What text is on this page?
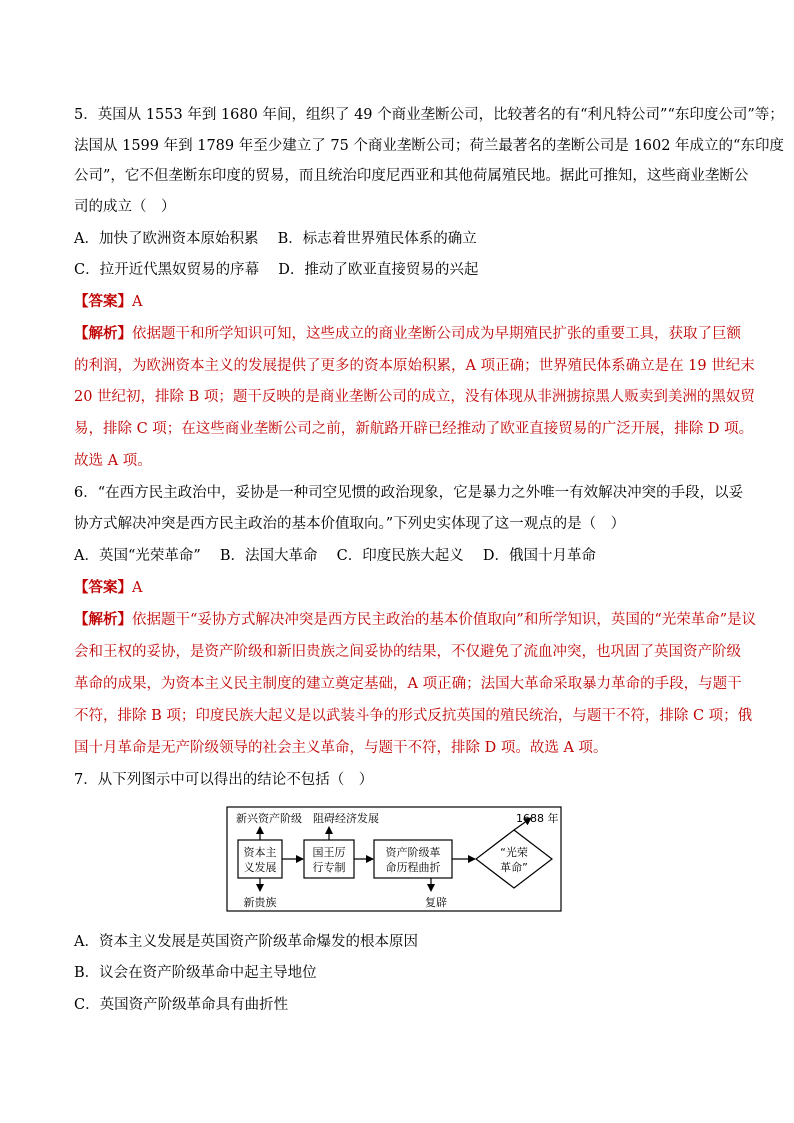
5．英国从 1553 年到 1680 年间，组织了 49 个商业垄断公司，比较著名的有“利凡特公司”“东印度公司”等；
法国从 1599 年到 1789 年至少建立了 75 个商业垄断公司；荷兰最著名的垄断公司是 1602 年成立的“东印度
公司”，它不但垄断东印度的贸易，而且统治印度尼西亚和其他荷属殖民地。据此可推知，这些商业垄断公
司的成立（　）
A．加快了欧洲资本原始积累　 B．标志着世界殖民体系的确立
C．拉开近代黑奴贸易的序幕　 D．推动了欧亚直接贸易的兴起
【答案】A
【解析】依据题干和所学知识可知，这些成立的商业垄断公司成为早期殖民扩张的重要工具，获取了巨额
的利润，为欧洲资本主义的发展提供了更多的资本原始积累，A 项正确；世界殖民体系确立是在 19 世纪末
20 世纪初，排除 B 项；题干反映的是商业垄断公司的成立，没有体现从非洲掳掠黑人贩卖到美洲的黑奴贸
易，排除 C 项；在这些商业垄断公司之前，新航路开辟已经推动了欧亚直接贸易的广泛开展，排除 D 项。
故选 A 项。
6．“在西方民主政治中，妥协是一种司空见惯的政治现象，它是暴力之外唯一有效解决冲突的手段，以妥
协方式解决冲突是西方民主政治的基本价值取向。”下列史实体现了这一观点的是（　）
A．英国“光荣革命”　 B．法国大革命　 C．印度民族大起义　 D．俄国十月革命
【答案】A
【解析】依据题干“妥协方式解决冲突是西方民主政治的基本价值取向”和所学知识，英国的“光荣革命”是议
会和王权的妥协，是资产阶级和新旧贵族之间妥协的结果，不仅避免了流血冲突，也巩固了英国资产阶级
革命的成果，为资本主义民主制度的建立奠定基础，A 项正确；法国大革命采取暴力革命的手段，与题干
不符，排除 B 项；印度民族大起义是以武装斗争的形式反抗英国的殖民统治，与题干不符，排除 C 项；俄
国十月革命是无产阶级领导的社会主义革命，与题干不符，排除 D 项。故选 A 项。
7．从下列图示中可以得出的结论不包括（　）
新兴资产阶级　阻碍经济发展	1688 年
资本主
义发展
国王厉
行专制
资产阶级革
命历程曲折
“光荣
革命”
新贵族	复辟
A．资本主义发展是英国资产阶级革命爆发的根本原因
B．议会在资产阶级革命中起主导地位
C．英国资产阶级革命具有曲折性
